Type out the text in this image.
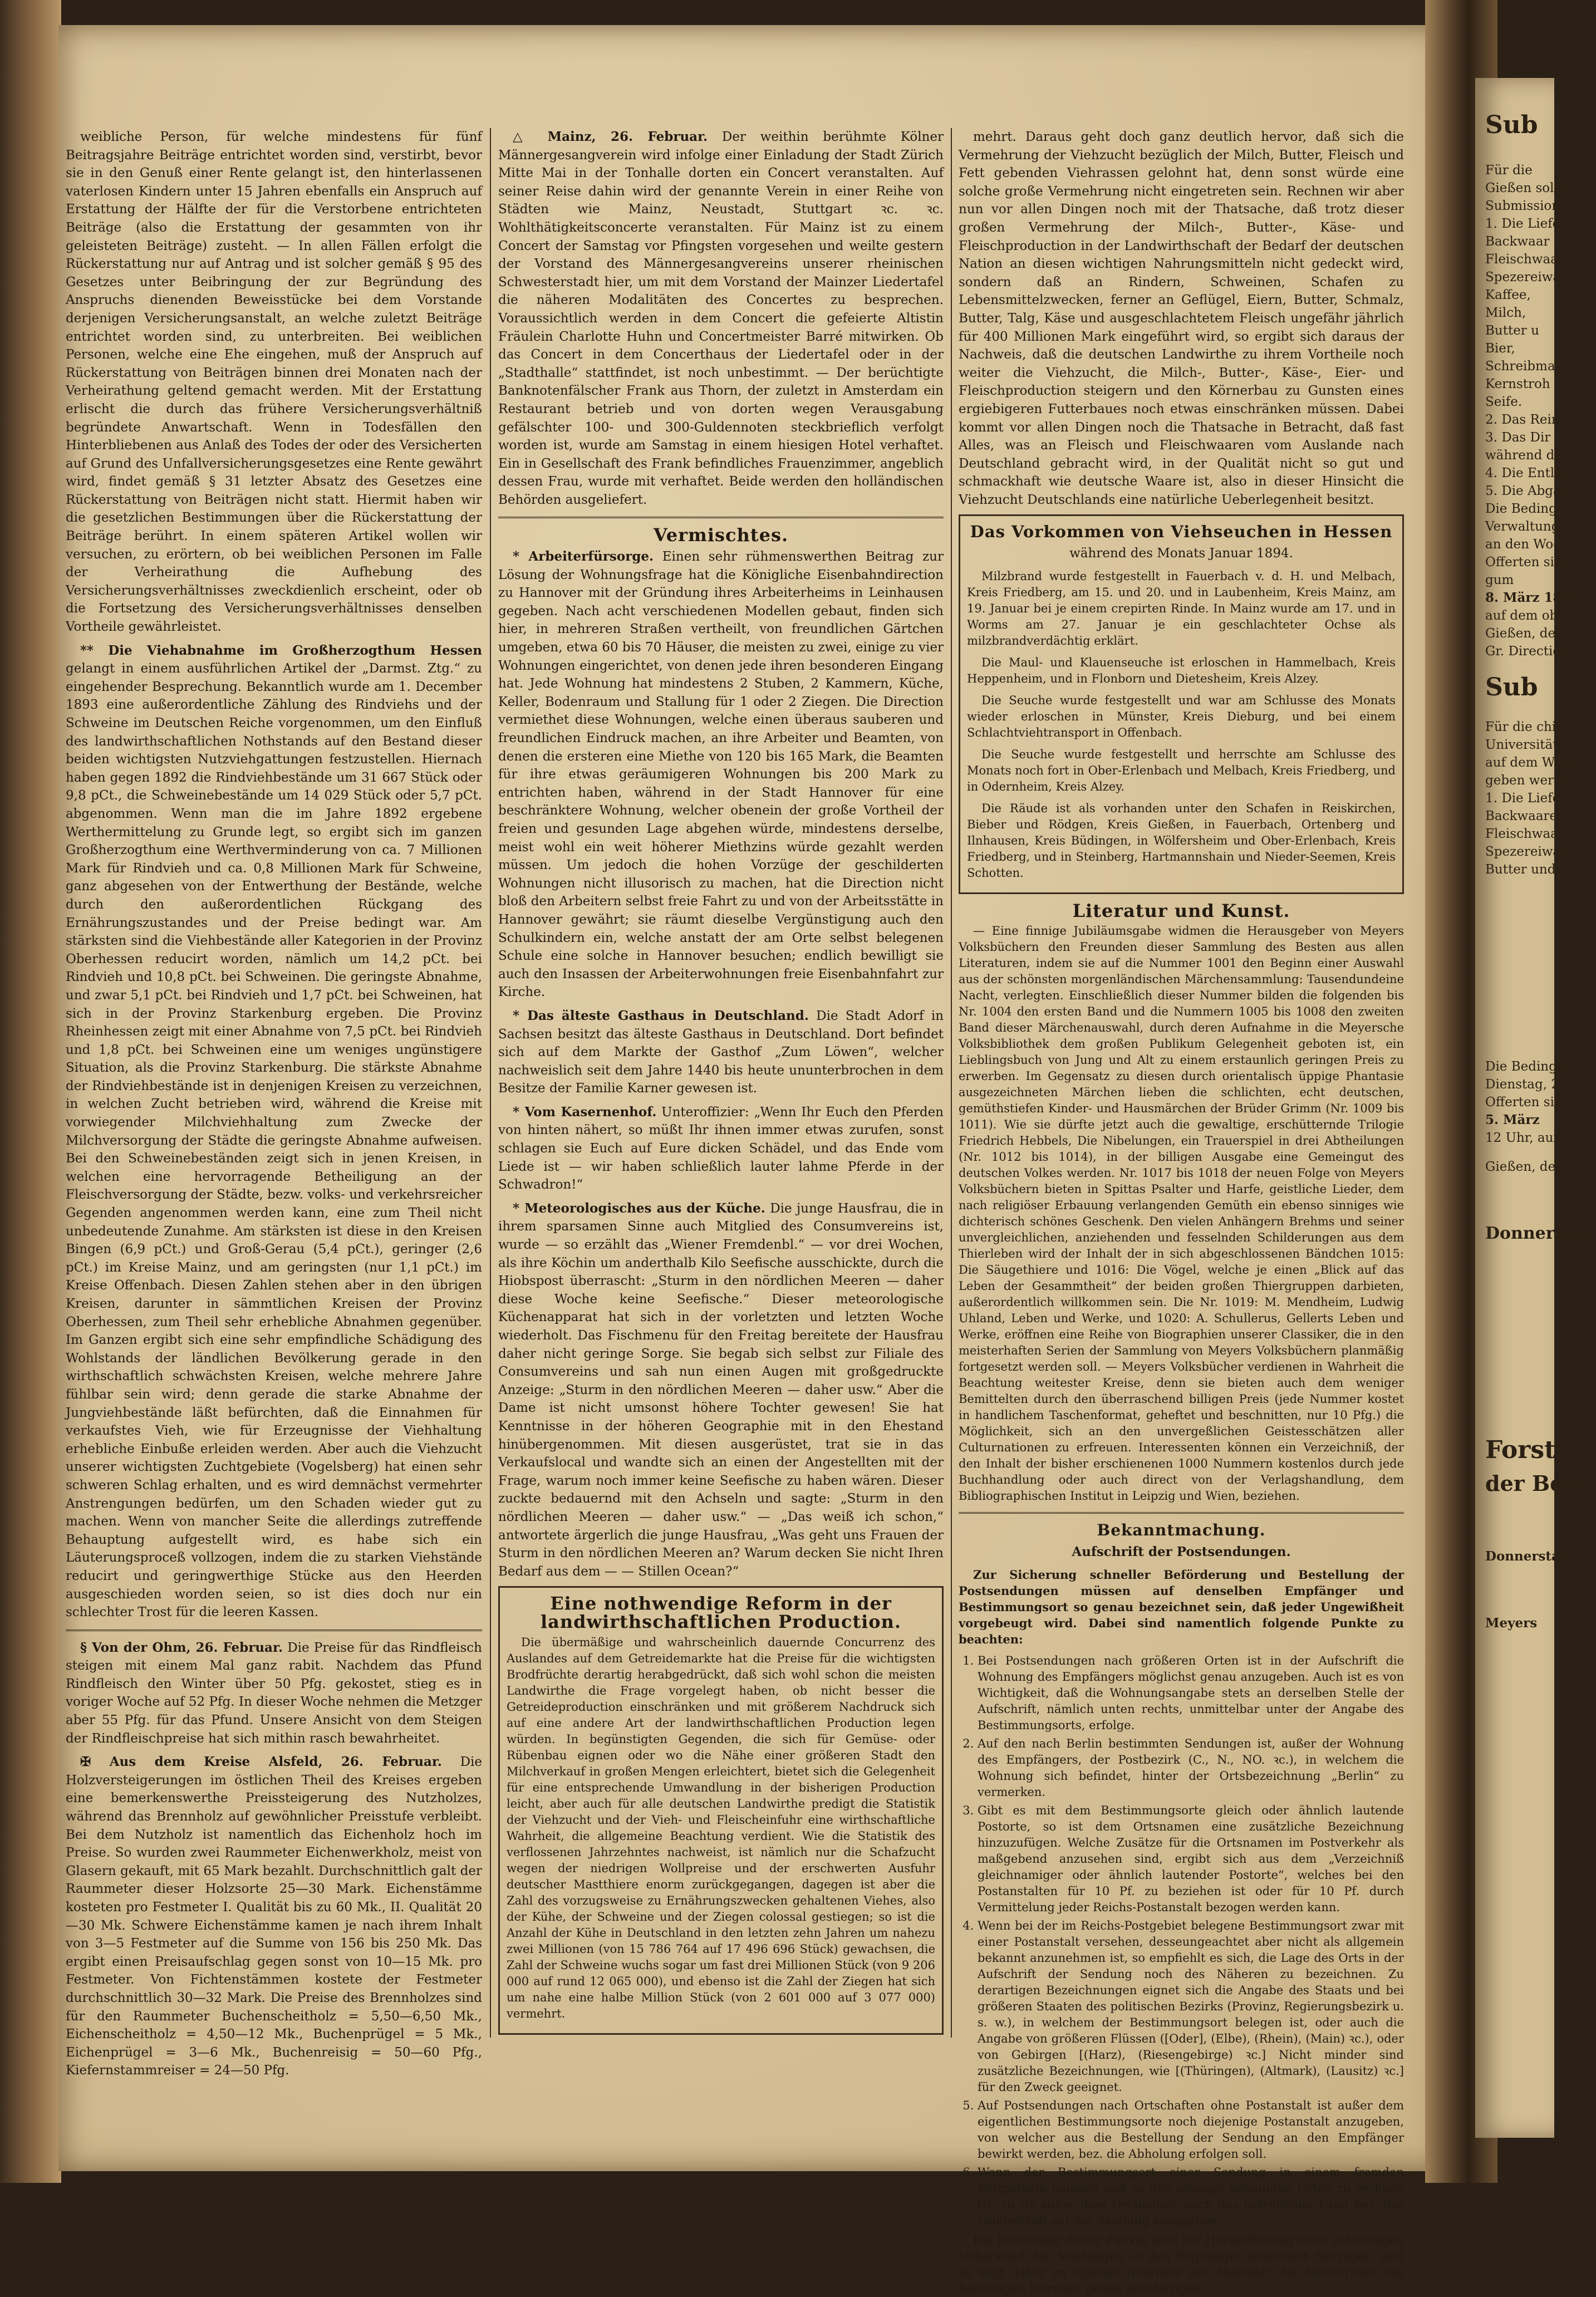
weibliche Person, für welche mindestens für fünf Beitragsjahre Beiträge entrichtet worden sind, verstirbt, bevor sie in den Genuß einer Rente gelangt ist, den hinterlassenen vaterlosen Kindern unter 15 Jahren ebenfalls ein Anspruch auf Erstattung der Hälfte der für die Verstorbene entrichteten Beiträge (also die Erstattung der gesammten von ihr geleisteten Beiträge) zusteht. — In allen Fällen erfolgt die Rückerstattung nur auf Antrag und ist solcher gemäß § 95 des Gesetzes unter Beibringung der zur Begründung des Anspruchs dienenden Beweisstücke bei dem Vorstande derjenigen Versicherungsanstalt, an welche zuletzt Beiträge entrichtet worden sind, zu unterbreiten. Bei weiblichen Personen, welche eine Ehe eingehen, muß der Anspruch auf Rückerstattung von Beiträgen binnen drei Monaten nach der Verheirathung geltend gemacht werden. Mit der Erstattung erlischt die durch das frühere Versicherungsverhältniß begründete Anwartschaft. Wenn in Todesfällen den Hinterbliebenen aus Anlaß des Todes der oder des Versicherten auf Grund des Unfallversicherungsgesetzes eine Rente gewährt wird, findet gemäß § 31 letzter Absatz des Gesetzes eine Rückerstattung von Beiträgen nicht statt. Hiermit haben wir die gesetzlichen Bestimmungen über die Rückerstattung der Beiträge berührt. In einem späteren Artikel wollen wir versuchen, zu erörtern, ob bei weiblichen Personen im Falle der Verheirathung die Aufhebung des Versicherungsverhältnisses zweckdienlich erscheint, oder ob die Fortsetzung des Versicherungsverhältnisses denselben Vortheile gewährleistet.

** Die Viehabnahme im Großherzogthum Hessen gelangt in einem ausführlichen Artikel der „Darmst. Ztg.“ zu eingehender Besprechung. Bekanntlich wurde am 1. December 1893 eine außerordentliche Zählung des Rindviehs und der Schweine im Deutschen Reiche vorgenommen, um den Einfluß des landwirthschaftlichen Nothstands auf den Bestand dieser beiden wichtigsten Nutzviehgattungen festzustellen. Hiernach haben gegen 1892 die Rindviehbestände um 31 667 Stück oder 9,8 pCt., die Schweinebestände um 14 029 Stück oder 5,7 pCt. abgenommen. Wenn man die im Jahre 1892 ergebene Werthermittelung zu Grunde legt, so ergibt sich im ganzen Großherzogthum eine Werthverminderung von ca. 7 Millionen Mark für Rindvieh und ca. 0,8 Millionen Mark für Schweine, ganz abgesehen von der Entwerthung der Bestände, welche durch den außerordentlichen Rückgang des Ernährungszustandes und der Preise bedingt war. Am stärksten sind die Viehbestände aller Kategorien in der Provinz Oberhessen reducirt worden, nämlich um 14,2 pCt. bei Rindvieh und 10,8 pCt. bei Schweinen. Die geringste Abnahme, und zwar 5,1 pCt. bei Rindvieh und 1,7 pCt. bei Schweinen, hat sich in der Provinz Starkenburg ergeben. Die Provinz Rheinhessen zeigt mit einer Abnahme von 7,5 pCt. bei Rindvieh und 1,8 pCt. bei Schweinen eine um weniges ungünstigere Situation, als die Provinz Starkenburg. Die stärkste Abnahme der Rindviehbestände ist in denjenigen Kreisen zu verzeichnen, in welchen Zucht betrieben wird, während die Kreise mit vorwiegender Milchviehhaltung zum Zwecke der Milchversorgung der Städte die geringste Abnahme aufweisen. Bei den Schweinebeständen zeigt sich in jenen Kreisen, in welchen eine hervorragende Betheiligung an der Fleischversorgung der Städte, bezw. volks- und verkehrsreicher Gegenden angenommen werden kann, eine zum Theil nicht unbedeutende Zunahme. Am stärksten ist diese in den Kreisen Bingen (6,9 pCt.) und Groß-Gerau (5,4 pCt.), geringer (2,6 pCt.) im Kreise Mainz, und am geringsten (nur 1,1 pCt.) im Kreise Offenbach. Diesen Zahlen stehen aber in den übrigen Kreisen, darunter in sämmtlichen Kreisen der Provinz Oberhessen, zum Theil sehr erhebliche Abnahmen gegenüber. Im Ganzen ergibt sich eine sehr empfindliche Schädigung des Wohlstands der ländlichen Bevölkerung gerade in den wirthschaftlich schwächsten Kreisen, welche mehrere Jahre fühlbar sein wird; denn gerade die starke Abnahme der Jungviehbestände läßt befürchten, daß die Einnahmen für verkaufstes Vieh, wie für Erzeugnisse der Viehhaltung erhebliche Einbuße erleiden werden. Aber auch die Viehzucht unserer wichtigsten Zuchtgebiete (Vogelsberg) hat einen sehr schweren Schlag erhalten, und es wird demnächst vermehrter Anstrengungen bedürfen, um den Schaden wieder gut zu machen. Wenn von mancher Seite die allerdings zutreffende Behauptung aufgestellt wird, es habe sich ein Läuterungsproceß vollzogen, indem die zu starken Viehstände reducirt und geringwerthige Stücke aus den Heerden ausgeschieden worden seien, so ist dies doch nur ein schlechter Trost für die leeren Kassen.

§ Von der Ohm, 26. Februar. Die Preise für das Rindfleisch steigen mit einem Mal ganz rabit. Nachdem das Pfund Rindfleisch den Winter über 50 Pfg. gekostet, stieg es in voriger Woche auf 52 Pfg. In dieser Woche nehmen die Metzger aber 55 Pfg. für das Pfund. Unsere Ansicht von dem Steigen der Rindfleischpreise hat sich mithin rasch bewahrheitet.

✠ Aus dem Kreise Alsfeld, 26. Februar. Die Holzversteigerungen im östlichen Theil des Kreises ergeben eine bemerkenswerthe Preissteigerung des Nutzholzes, während das Brennholz auf gewöhnlicher Preisstufe verbleibt. Bei dem Nutzholz ist namentlich das Eichenholz hoch im Preise. So wurden zwei Raummeter Eichenwerkholz, meist von Glasern gekauft, mit 65 Mark bezahlt. Durchschnittlich galt der Raummeter dieser Holzsorte 25—30 Mark. Eichenstämme kosteten pro Festmeter I. Qualität bis zu 60 Mk., II. Qualität 20—30 Mk. Schwere Eichenstämme kamen je nach ihrem Inhalt von 3—5 Festmeter auf die Summe von 156 bis 250 Mk. Das ergibt einen Preisaufschlag gegen sonst von 10—15 Mk. pro Festmeter. Von Fichtenstämmen kostete der Festmeter durchschnittlich 30—32 Mark. Die Preise des Brennholzes sind für den Raummeter Buchenscheitholz = 5,50—6,50 Mk., Eichenscheitholz = 4,50—12 Mk., Buchenprügel = 5 Mk., Eichenprügel = 3—6 Mk., Buchenreisig = 50—60 Pfg., Kiefernstammreiser = 24—50 Pfg.

△ Mainz, 26. Februar. Der weithin berühmte Kölner Männergesangverein wird infolge einer Einladung der Stadt Zürich Mitte Mai in der Tonhalle dorten ein Concert veranstalten. Auf seiner Reise dahin wird der genannte Verein in einer Reihe von Städten wie Mainz, Neustadt, Stuttgart ꝛc. ꝛc. Wohlthätigkeitsconcerte veranstalten. Für Mainz ist zu einem Concert der Samstag vor Pfingsten vorgesehen und weilte gestern der Vorstand des Männergesangvereins unserer rheinischen Schwesterstadt hier, um mit dem Vorstand der Mainzer Liedertafel die näheren Modalitäten des Concertes zu besprechen. Voraussichtlich werden in dem Concert die gefeierte Altistin Fräulein Charlotte Huhn und Concertmeister Barré mitwirken. Ob das Concert in dem Concerthaus der Liedertafel oder in der „Stadthalle“ stattfindet, ist noch unbestimmt. — Der berüchtigte Banknotenfälscher Frank aus Thorn, der zuletzt in Amsterdam ein Restaurant betrieb und von dorten wegen Verausgabung gefälschter 100- und 300-Guldennoten steckbrieflich verfolgt worden ist, wurde am Samstag in einem hiesigen Hotel verhaftet. Ein in Gesellschaft des Frank befindliches Frauenzimmer, angeblich dessen Frau, wurde mit verhaftet. Beide werden den holländischen Behörden ausgeliefert.

Vermischtes.

* Arbeiterfürsorge. Einen sehr rühmenswerthen Beitrag zur Lösung der Wohnungsfrage hat die Königliche Eisenbahndirection zu Hannover mit der Gründung ihres Arbeiterheims in Leinhausen gegeben. Nach acht verschiedenen Modellen gebaut, finden sich hier, in mehreren Straßen vertheilt, von freundlichen Gärtchen umgeben, etwa 60 bis 70 Häuser, die meisten zu zwei, einige zu vier Wohnungen eingerichtet, von denen jede ihren besonderen Eingang hat. Jede Wohnung hat mindestens 2 Stuben, 2 Kammern, Küche, Keller, Bodenraum und Stallung für 1 oder 2 Ziegen. Die Direction vermiethet diese Wohnungen, welche einen überaus sauberen und freundlichen Eindruck machen, an ihre Arbeiter und Beamten, von denen die ersteren eine Miethe von 120 bis 165 Mark, die Beamten für ihre etwas geräumigeren Wohnungen bis 200 Mark zu entrichten haben, während in der Stadt Hannover für eine beschränktere Wohnung, welcher obenein der große Vortheil der freien und gesunden Lage abgehen würde, mindestens derselbe, meist wohl ein weit höherer Miethzins würde gezahlt werden müssen. Um jedoch die hohen Vorzüge der geschilderten Wohnungen nicht illusorisch zu machen, hat die Direction nicht bloß den Arbeitern selbst freie Fahrt zu und von der Arbeitsstätte in Hannover gewährt; sie räumt dieselbe Vergünstigung auch den Schulkindern ein, welche anstatt der am Orte selbst belegenen Schule eine solche in Hannover besuchen; endlich bewilligt sie auch den Insassen der Arbeiterwohnungen freie Eisenbahnfahrt zur Kirche.

* Das älteste Gasthaus in Deutschland. Die Stadt Adorf in Sachsen besitzt das älteste Gasthaus in Deutschland. Dort befindet sich auf dem Markte der Gasthof „Zum Löwen“, welcher nachweislich seit dem Jahre 1440 bis heute ununterbrochen in dem Besitze der Familie Karner gewesen ist.

* Vom Kasernenhof. Unteroffizier: „Wenn Ihr Euch den Pferden von hinten nähert, so müßt Ihr ihnen immer etwas zurufen, sonst schlagen sie Euch auf Eure dicken Schädel, und das Ende vom Liede ist — wir haben schließlich lauter lahme Pferde in der Schwadron!“

* Meteorologisches aus der Küche. Die junge Hausfrau, die in ihrem sparsamen Sinne auch Mitglied des Consumvereins ist, wurde — so erzählt das „Wiener Fremdenbl.“ — vor drei Wochen, als ihre Köchin um anderthalb Kilo Seefische ausschickte, durch die Hiobspost überrascht: „Sturm in den nördlichen Meeren — daher diese Woche keine Seefische.“ Dieser meteorologische Küchenapparat hat sich in der vorletzten und letzten Woche wiederholt. Das Fischmenu für den Freitag bereitete der Hausfrau daher nicht geringe Sorge. Sie begab sich selbst zur Filiale des Consumvereins und sah nun einen Augen mit großgedruckte Anzeige: „Sturm in den nördlichen Meeren — daher usw.“ Aber die Dame ist nicht umsonst höhere Tochter gewesen! Sie hat Kenntnisse in der höheren Geographie mit in den Ehestand hinübergenommen. Mit diesen ausgerüstet, trat sie in das Verkaufslocal und wandte sich an einen der Angestellten mit der Frage, warum noch immer keine Seefische zu haben wären. Dieser zuckte bedauernd mit den Achseln und sagte: „Sturm in den nördlichen Meeren — daher usw.“ — „Das weiß ich schon,“ antwortete ärgerlich die junge Hausfrau, „Was geht uns Frauen der Sturm in den nördlichen Meeren an? Warum decken Sie nicht Ihren Bedarf aus dem — — Stillen Ocean?“

Eine nothwendige Reform in der landwirthschaftlichen Production.

Die übermäßige und wahrscheinlich dauernde Concurrenz des Auslandes auf dem Getreidemarkte hat die Preise für die wichtigsten Brodfrüchte derartig herabgedrückt, daß sich wohl schon die meisten Landwirthe die Frage vorgelegt haben, ob nicht besser die Getreideproduction einschränken und mit größerem Nachdruck sich auf eine andere Art der landwirthschaftlichen Production legen würden. In begünstigten Gegenden, die sich für Gemüse- oder Rübenbau eignen oder wo die Nähe einer größeren Stadt den Milchverkauf in großen Mengen erleichtert, bietet sich die Gelegenheit für eine entsprechende Umwandlung in der bisherigen Production leicht, aber auch für alle deutschen Landwirthe predigt die Statistik der Viehzucht und der Vieh- und Fleischeinfuhr eine wirthschaftliche Wahrheit, die allgemeine Beachtung verdient. Wie die Statistik des verflossenen Jahrzehntes nachweist, ist nämlich nur die Schafzucht wegen der niedrigen Wollpreise und der erschwerten Ausfuhr deutscher Mastthiere enorm zurückgegangen, dagegen ist aber die Zahl des vorzugsweise zu Ernährungszwecken gehaltenen Viehes, also der Kühe, der Schweine und der Ziegen colossal gestiegen; so ist die Anzahl der Kühe in Deutschland in den letzten zehn Jahren um nahezu zwei Millionen (von 15 786 764 auf 17 496 696 Stück) gewachsen, die Zahl der Schweine wuchs sogar um fast drei Millionen Stück (von 9 206 000 auf rund 12 065 000), und ebenso ist die Zahl der Ziegen hat sich um nahe eine halbe Million Stück (von 2 601 000 auf 3 077 000) vermehrt.

mehrt. Daraus geht doch ganz deutlich hervor, daß sich die Vermehrung der Viehzucht bezüglich der Milch, Butter, Fleisch und Fett gebenden Viehrassen gelohnt hat, denn sonst würde eine solche große Vermehrung nicht eingetreten sein. Rechnen wir aber nun vor allen Dingen noch mit der Thatsache, daß trotz dieser großen Vermehrung der Milch-, Butter-, Käse- und Fleischproduction in der Landwirthschaft der Bedarf der deutschen Nation an diesen wichtigen Nahrungsmitteln nicht gedeckt wird, sondern daß an Rindern, Schweinen, Schafen zu Lebensmittelzwecken, ferner an Geflügel, Eiern, Butter, Schmalz, Butter, Talg, Käse und ausgeschlachtetem Fleisch ungefähr jährlich für 400 Millionen Mark eingeführt wird, so ergibt sich daraus der Nachweis, daß die deutschen Landwirthe zu ihrem Vortheile noch weiter die Viehzucht, die Milch-, Butter-, Käse-, Eier- und Fleischproduction steigern und den Körnerbau zu Gunsten eines ergiebigeren Futterbaues noch etwas einschränken müssen. Dabei kommt vor allen Dingen noch die Thatsache in Betracht, daß fast Alles, was an Fleisch und Fleischwaaren vom Auslande nach Deutschland gebracht wird, in der Qualität nicht so gut und schmackhaft wie deutsche Waare ist, also in dieser Hinsicht die Viehzucht Deutschlands eine natürliche Ueberlegenheit besitzt.

Das Vorkommen von Viehseuchen in Hessen
während des Monats Januar 1894.

Milzbrand wurde festgestellt in Fauerbach v. d. H. und Melbach, Kreis Friedberg, am 15. und 20. und in Laubenheim, Kreis Mainz, am 19. Januar bei je einem crepirten Rinde. In Mainz wurde am 17. und in Worms am 27. Januar je ein geschlachteter Ochse als milzbrandverdächtig erklärt.

Die Maul- und Klauenseuche ist erloschen in Hammelbach, Kreis Heppenheim, und in Flonborn und Dietesheim, Kreis Alzey.

Die Seuche wurde festgestellt und war am Schlusse des Monats wieder erloschen in Münster, Kreis Dieburg, und bei einem Schlachtviehtransport in Offenbach.

Die Seuche wurde festgestellt und herrschte am Schlusse des Monats noch fort in Ober-Erlenbach und Melbach, Kreis Friedberg, und in Odernheim, Kreis Alzey.

Die Räude ist als vorhanden unter den Schafen in Reiskirchen, Bieber und Rödgen, Kreis Gießen, in Fauerbach, Ortenberg und Ilnhausen, Kreis Büdingen, in Wölfersheim und Ober-Erlenbach, Kreis Friedberg, und in Steinberg, Hartmannshain und Nieder-Seemen, Kreis Schotten.

Literatur und Kunst.

— Eine finnige Jubiläumsgabe widmen die Herausgeber von Meyers Volksbüchern den Freunden dieser Sammlung des Besten aus allen Literaturen, indem sie auf die Nummer 1001 den Beginn einer Auswahl aus der schönsten morgenländischen Märchensammlung: Tausendundeine Nacht, verlegten. Einschließlich dieser Nummer bilden die folgenden bis Nr. 1004 den ersten Band und die Nummern 1005 bis 1008 den zweiten Band dieser Märchenauswahl, durch deren Aufnahme in die Meyersche Volksbibliothek dem großen Publikum Gelegenheit geboten ist, ein Lieblingsbuch von Jung und Alt zu einem erstaunlich geringen Preis zu erwerben. Im Gegensatz zu diesen durch orientalisch üppige Phantasie ausgezeichneten Märchen lieben die schlichten, echt deutschen, gemüthstiefen Kinder- und Hausmärchen der Brüder Grimm (Nr. 1009 bis 1011). Wie sie dürfte jetzt auch die gewaltige, erschütternde Trilogie Friedrich Hebbels, Die Nibelungen, ein Trauerspiel in drei Abtheilungen (Nr. 1012 bis 1014), in der billigen Ausgabe eine Gemeingut des deutschen Volkes werden. Nr. 1017 bis 1018 der neuen Folge von Meyers Volksbüchern bieten in Spittas Psalter und Harfe, geistliche Lieder, dem nach religiöser Erbauung verlangenden Gemüth ein ebenso sinniges wie dichterisch schönes Geschenk. Den vielen Anhängern Brehms und seiner unvergleichlichen, anziehenden und fesselnden Schilderungen aus dem Thierleben wird der Inhalt der in sich abgeschlossenen Bändchen 1015: Die Säugethiere und 1016: Die Vögel, welche je einen „Blick auf das Leben der Gesammtheit“ der beiden großen Thiergruppen darbieten, außerordentlich willkommen sein. Die Nr. 1019: M. Mendheim, Ludwig Uhland, Leben und Werke, und 1020: A. Schullerus, Gellerts Leben und Werke, eröffnen eine Reihe von Biographien unserer Classiker, die in den meisterhaften Serien der Sammlung von Meyers Volksbüchern planmäßig fortgesetzt werden soll. — Meyers Volksbücher verdienen in Wahrheit die Beachtung weitester Kreise, denn sie bieten auch dem weniger Bemittelten durch den überraschend billigen Preis (jede Nummer kostet in handlichem Taschenformat, geheftet und beschnitten, nur 10 Pfg.) die Möglichkeit, sich an den unvergeßlichen Geistesschätzen aller Culturnationen zu erfreuen. Interessenten können ein Verzeichniß, der den Inhalt der bisher erschienenen 1000 Nummern kostenlos durch jede Buchhandlung oder auch direct von der Verlagshandlung, dem Bibliographischen Institut in Leipzig und Wien, beziehen.

Bekanntmachung.
Aufschrift der Postsendungen.

Zur Sicherung schneller Beförderung und Bestellung der Postsendungen müssen auf denselben Empfänger und Bestimmungsort so genau bezeichnet sein, daß jeder Ungewißheit vorgebeugt wird. Dabei sind namentlich folgende Punkte zu beachten:

1. Bei Postsendungen nach größeren Orten ist in der Aufschrift die Wohnung des Empfängers möglichst genau anzugeben. Auch ist es von Wichtigkeit, daß die Wohnungsangabe stets an derselben Stelle der Aufschrift, nämlich unten rechts, unmittelbar unter der Angabe des Bestimmungsorts, erfolge.
2. Auf den nach Berlin bestimmten Sendungen ist, außer der Wohnung des Empfängers, der Postbezirk (C., N., NO. ꝛc.), in welchem die Wohnung sich befindet, hinter der Ortsbezeichnung „Berlin“ zu vermerken.
3. Gibt es mit dem Bestimmungsorte gleich oder ähnlich lautende Postorte, so ist dem Ortsnamen eine zusätzliche Bezeichnung hinzuzufügen. Welche Zusätze für die Ortsnamen im Postverkehr als maßgebend anzusehen sind, ergibt sich aus dem „Verzeichniß gleichnamiger oder ähnlich lautender Postorte“, welches bei den Postanstalten für 10 Pf. zu beziehen ist oder für 10 Pf. durch Vermittelung jeder Reichs-Postanstalt bezogen werden kann.
4. Wenn bei der im Reichs-Postgebiet belegene Bestimmungsort zwar mit einer Postanstalt versehen, desseungeachtet aber nicht als allgemein bekannt anzunehmen ist, so empfiehlt es sich, die Lage des Orts in der Aufschrift der Sendung noch des Näheren zu bezeichnen. Zu derartigen Bezeichnungen eignet sich die Angabe des Staats und bei größeren Staaten des politischen Bezirks (Provinz, Regierungsbezirk u. s. w.), in welchem der Bestimmungsort belegen ist, oder auch die Angabe von größeren Flüssen ([Oder], (Elbe), (Rhein), (Main) ꝛc.), oder von Gebirgen [(Harz), (Riesengebirge) ꝛc.] Nicht minder sind zusätzliche Bezeichnungen, wie [(Thüringen), (Altmark), (Lausitz) ꝛc.] für den Zweck geeignet.
5. Auf Postsendungen nach Ortschaften ohne Postanstalt ist außer dem eigentlichen Bestimmungsorte noch diejenige Postanstalt anzugeben, von welcher aus die Bestellung der Sendung an den Empfänger bewirkt werden, bez. die Abholung erfolgen soll.
6. Wenn der Bestimmungsort einer Sendung in einem fremden Postgebiete belegen und zu den weniger bekannten Orten zu rechnen ist, so ist außer dem Ortsnamen noch das betreffende Land bez. der Landestheil auf der Sendung anzugeben.

Die Beachtung dieser Punkte wird zur Herbeiführung einer schleunigen Ueberkunft der Sendungen an den Empfänger wesentlich beitragen, und es liegt daher im eigenen Interesse der Absender, die Aufschriften der Sendungen hiernach genau anzufertigen.

Sub
Für die
Gießen sollen
Submissionsw
1. Die Liefer
Backwaar
Fleischwaar
Spezereiwaar
Kaffee,
Milch,
Butter u
Bier,
Schreibma
Kernstroh
Seife.
2. Das Reini
3. Das Dir
während des
4. Die Entleer
5. Die Abgab
Die Bedingu
Verwaltungsbure
an den Wochent
Offerten sind
gum
8. März 1894
auf dem obe
Gießen, der
Gr. Direction
Sub
Für die chirur
Universitäts-Klin
auf dem Wege
geben werden:
1. Die Lieferu
Backwaaren,
Fleischwaar
Spezereiwaa
Butter und
Die Bedingun
Dienstag, 27
Offerten sind
5. März
12 Uhr, auf
Gießen, der
Donnerstag
Forst
der Bers
Donnerstag
Meyers
